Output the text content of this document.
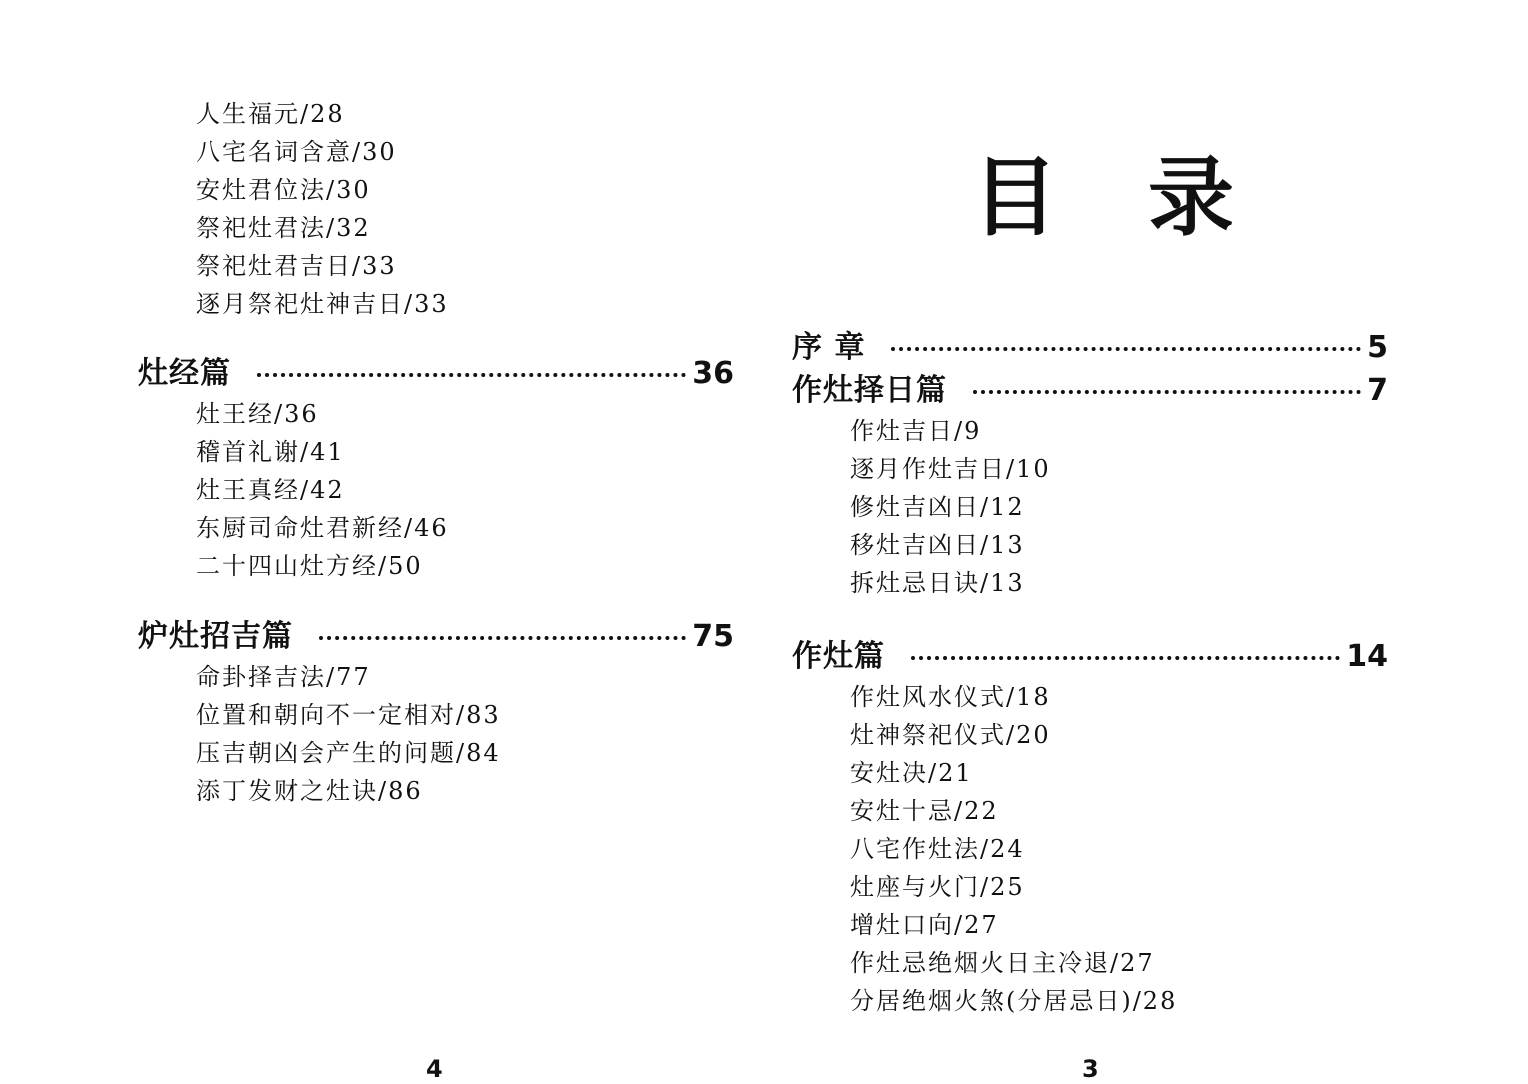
人生福元/28
八宅名词含意/30
安灶君位法/30
祭祀灶君法/32
祭祀灶君吉日/33
逐月祭祀灶神吉日/33
灶经篇	36
灶王经/36
稽首礼谢/41
灶王真经/42
东厨司命灶君新经/46
二十四山灶方经/50
炉灶招吉篇	75
命卦择吉法/77
位置和朝向不一定相对/83
压吉朝凶会产生的问题/84
添丁发财之灶诀/86
4
目录
序 章	5
作灶择日篇	7
作灶吉日/9
逐月作灶吉日/10
修灶吉凶日/12
移灶吉凶日/13
拆灶忌日诀/13
作灶篇	14
作灶风水仪式/18
灶神祭祀仪式/20
安灶决/21
安灶十忌/22
八宅作灶法/24
灶座与火门/25
增灶口向/27
作灶忌绝烟火日主冷退/27
分居绝烟火煞(分居忌日)/28
3
